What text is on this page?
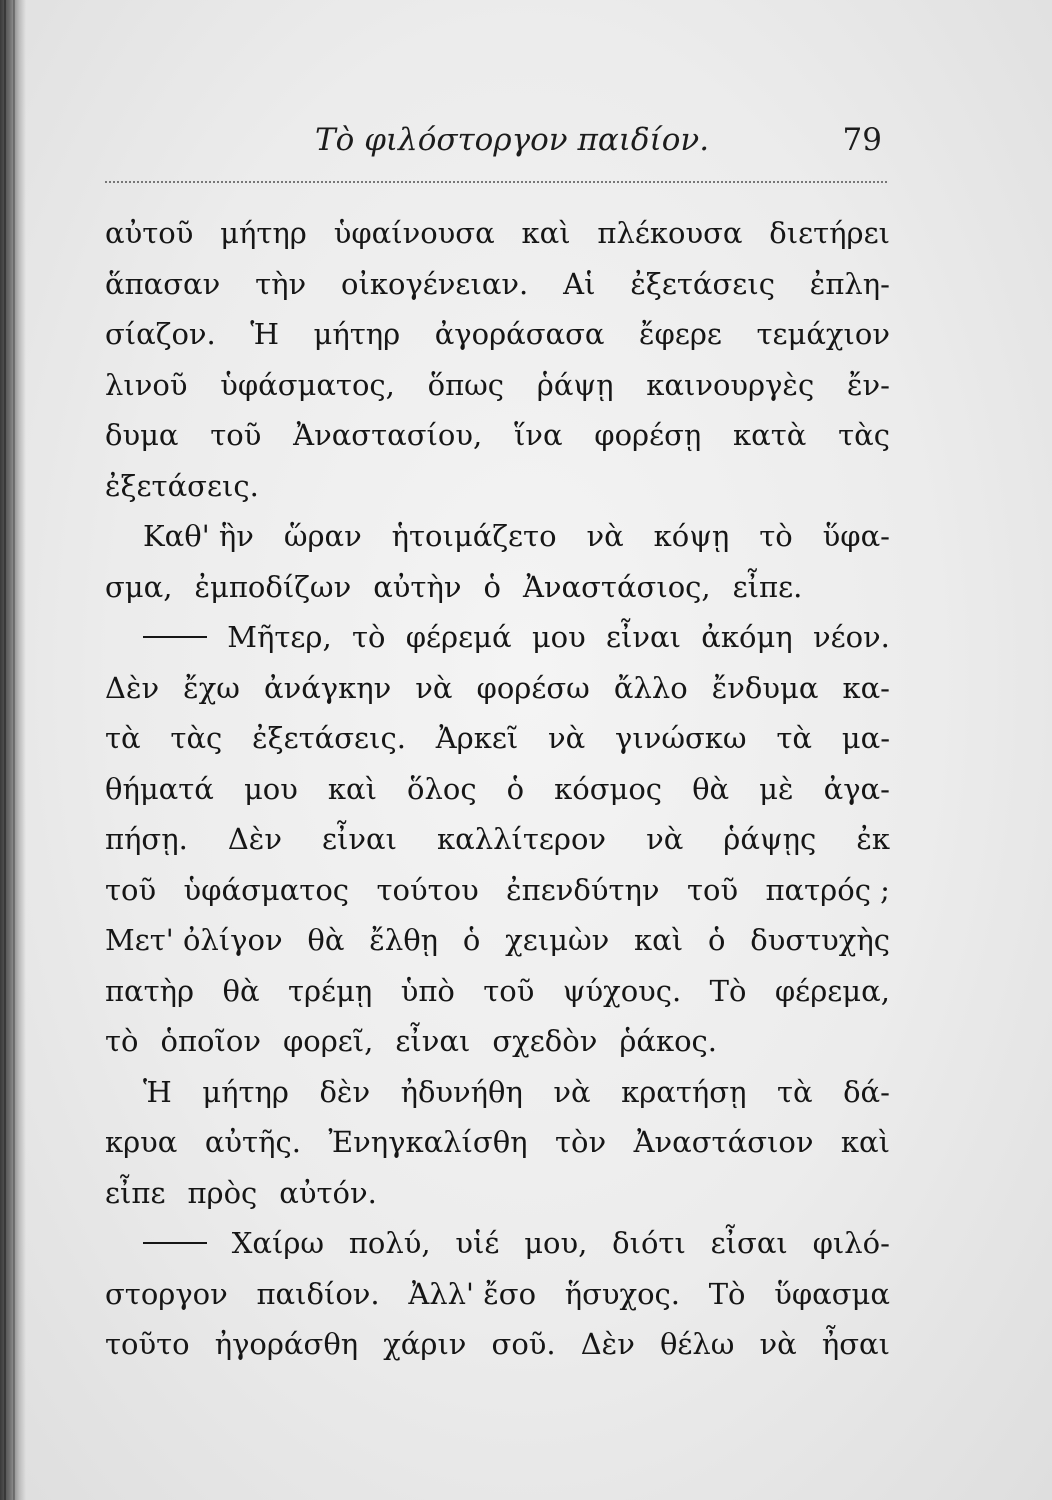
Τὸ φιλόστοργον παιδίον.	79
αὐτοῦ μήτηρ ὑφαίνουσα καὶ πλέκουσα διετήρει
ἅπασαν τὴν οἰκογένειαν. Αἱ ἐξετάσεις ἐπλη-
σίαζον. Ἡ μήτηρ ἀγοράσασα ἔφερε τεμάχιον
λινοῦ ὑφάσματος, ὅπως ῥάψῃ καινουργὲς ἔν-
δυμα τοῦ Ἀναστασίου, ἵνα φορέσῃ κατὰ τὰς
ἐξετάσεις.
Καθ' ἣν ὥραν ἡτοιμάζετο νὰ κόψῃ τὸ ὕφα-
σμα, ἐμποδίζων αὐτὴν ὁ Ἀναστάσιος, εἶπε.
Μῆτερ, τὸ φέρεμά μου εἶναι ἀκόμη νέον.
Δὲν ἔχω ἀνάγκην νὰ φορέσω ἄλλο ἔνδυμα κα-
τὰ τὰς ἐξετάσεις. Ἀρκεῖ νὰ γινώσκω τὰ μα-
θήματά μου καὶ ὅλος ὁ κόσμος θὰ μὲ ἀγα-
πήσῃ. Δὲν εἶναι καλλίτερον νὰ ῥάψῃς ἐκ
τοῦ ὑφάσματος τούτου ἐπενδύτην τοῦ πατρός ;
Μετ' ὀλίγον θὰ ἔλθῃ ὁ χειμὼν καὶ ὁ δυστυχὴς
πατὴρ θὰ τρέμῃ ὑπὸ τοῦ ψύχους. Τὸ φέρεμα,
τὸ ὁποῖον φορεῖ, εἶναι σχεδὸν ῥάκος.
Ἡ μήτηρ δὲν ἠδυνήθη νὰ κρατήσῃ τὰ δά-
κρυα αὐτῆς. Ἐνηγκαλίσθη τὸν Ἀναστάσιον καὶ
εἶπε πρὸς αὐτόν.
Χαίρω πολύ, υἱέ μου, διότι εἶσαι φιλό-
στοργον παιδίον. Ἀλλ' ἔσο ἥσυχος. Τὸ ὕφασμα
τοῦτο ἠγοράσθη χάριν σοῦ. Δὲν θέλω νὰ ἦσαι
